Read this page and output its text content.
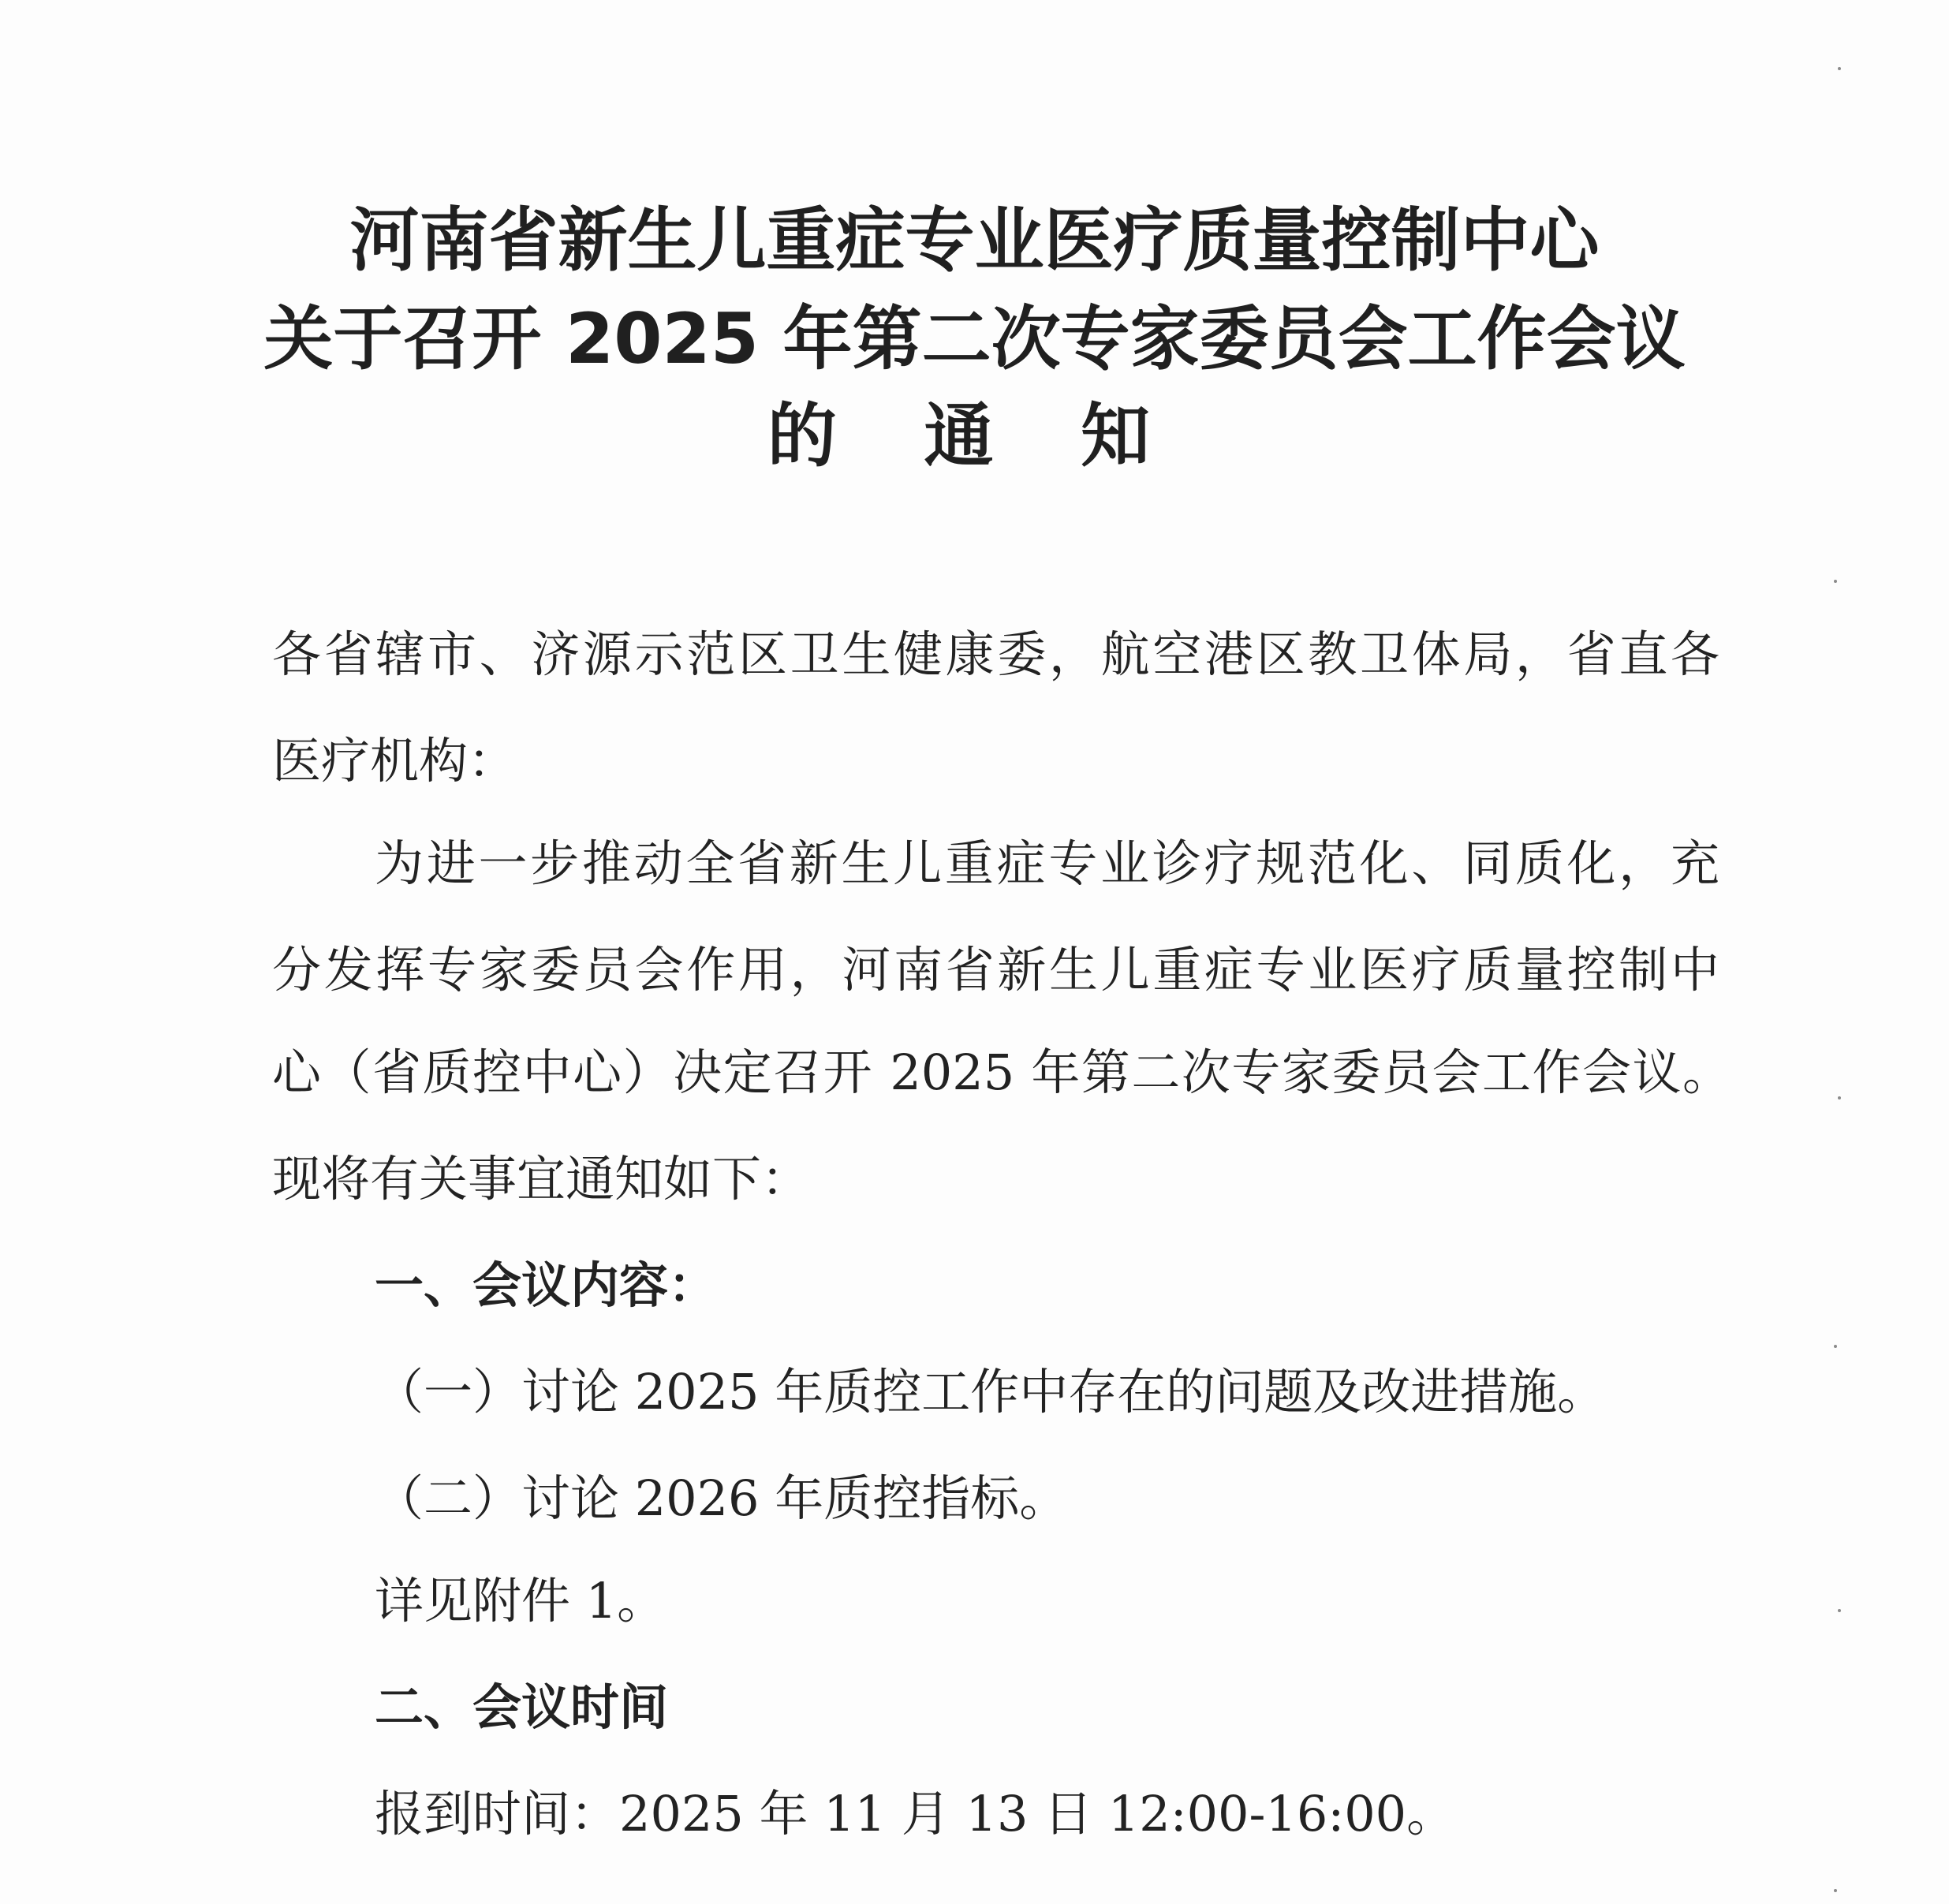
河南省新生儿重症专业医疗质量控制中心
关于召开 2025 年第二次专家委员会工作会议
的 通 知
各省辖市、济源示范区卫生健康委，航空港区教卫体局，省直各
医疗机构：
为进一步推动全省新生儿重症专业诊疗规范化、同质化，充
分发挥专家委员会作用，河南省新生儿重症专业医疗质量控制中
心（省质控中心）决定召开 2025 年第二次专家委员会工作会议。
现将有关事宜通知如下：
一、会议内容：
（一）讨论 2025 年质控工作中存在的问题及改进措施。
（二）讨论 2026 年质控指标。
详见附件 1。
二、会议时间
报到时间：2025 年 11 月 13 日 12:00-16:00。
